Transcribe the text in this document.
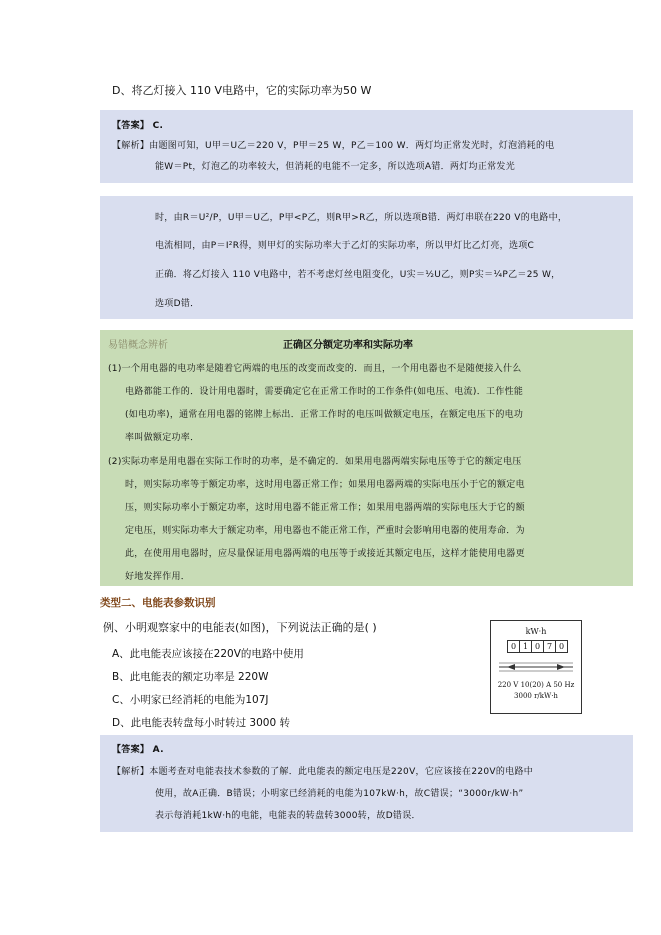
D、将乙灯接入 110 V电路中，它的实际功率为50 W
【答案】 C.
【解析】由题图可知，U甲＝U乙＝220 V，P甲＝25 W，P乙＝100 W．两灯均正常发光时，灯泡消耗的电
能W＝Pt，灯泡乙的功率较大，但消耗的电能不一定多，所以选项A错．两灯均正常发光
时，由R＝U²/P，U甲＝U乙，P甲<P乙，则R甲>R乙，所以选项B错．两灯串联在220 V的电路中，
电流相同，由P＝I²R得，则甲灯的实际功率大于乙灯的实际功率，所以甲灯比乙灯亮，选项C
正确．将乙灯接入 110 V电路中，若不考虑灯丝电阻变化，U实＝½U乙，则P实＝¼P乙＝25 W，
选项D错．
易错概念辨析	正确区分额定功率和实际功率
(1)一个用电器的电功率是随着它两端的电压的改变而改变的．而且，一个用电器也不是随便接入什么
电路都能工作的．设计用电器时，需要确定它在正常工作时的工作条件(如电压、电流)．工作性能
(如电功率)，通常在用电器的铭牌上标出．正常工作时的电压叫做额定电压，在额定电压下的电功
率叫做额定功率．
(2)实际功率是用电器在实际工作时的功率，是不确定的．如果用电器两端实际电压等于它的额定电压
时，则实际功率等于额定功率，这时用电器正常工作；如果用电器两端的实际电压小于它的额定电
压，则实际功率小于额定功率，这时用电器不能正常工作；如果用电器两端的实际电压大于它的额
定电压，则实际功率大于额定功率，用电器也不能正常工作，严重时会影响用电器的使用寿命．为
此，在使用用电器时，应尽量保证用电器两端的电压等于或接近其额定电压，这样才能使用电器更
好地发挥作用．
类型二、电能表参数识别
例、小明观察家中的电能表(如图)，下列说法正确的是( )
A、此电能表应该接在220V的电路中使用
B、此电能表的额定功率是 220W
C、小明家已经消耗的电能为107J
D、此电能表转盘每小时转过 3000 转
kW·h
0 1 0 7 0
220 V 10(20) A 50 Hz
3000 r/kW·h
【答案】 A.
【解析】本题考查对电能表技术参数的了解．此电能表的额定电压是220V，它应该接在220V的电路中
使用，故A正确．B错误；小明家已经消耗的电能为107kW·h，故C错误；“3000r/kW·h”
表示每消耗1kW·h的电能，电能表的转盘转3000转，故D错误．
